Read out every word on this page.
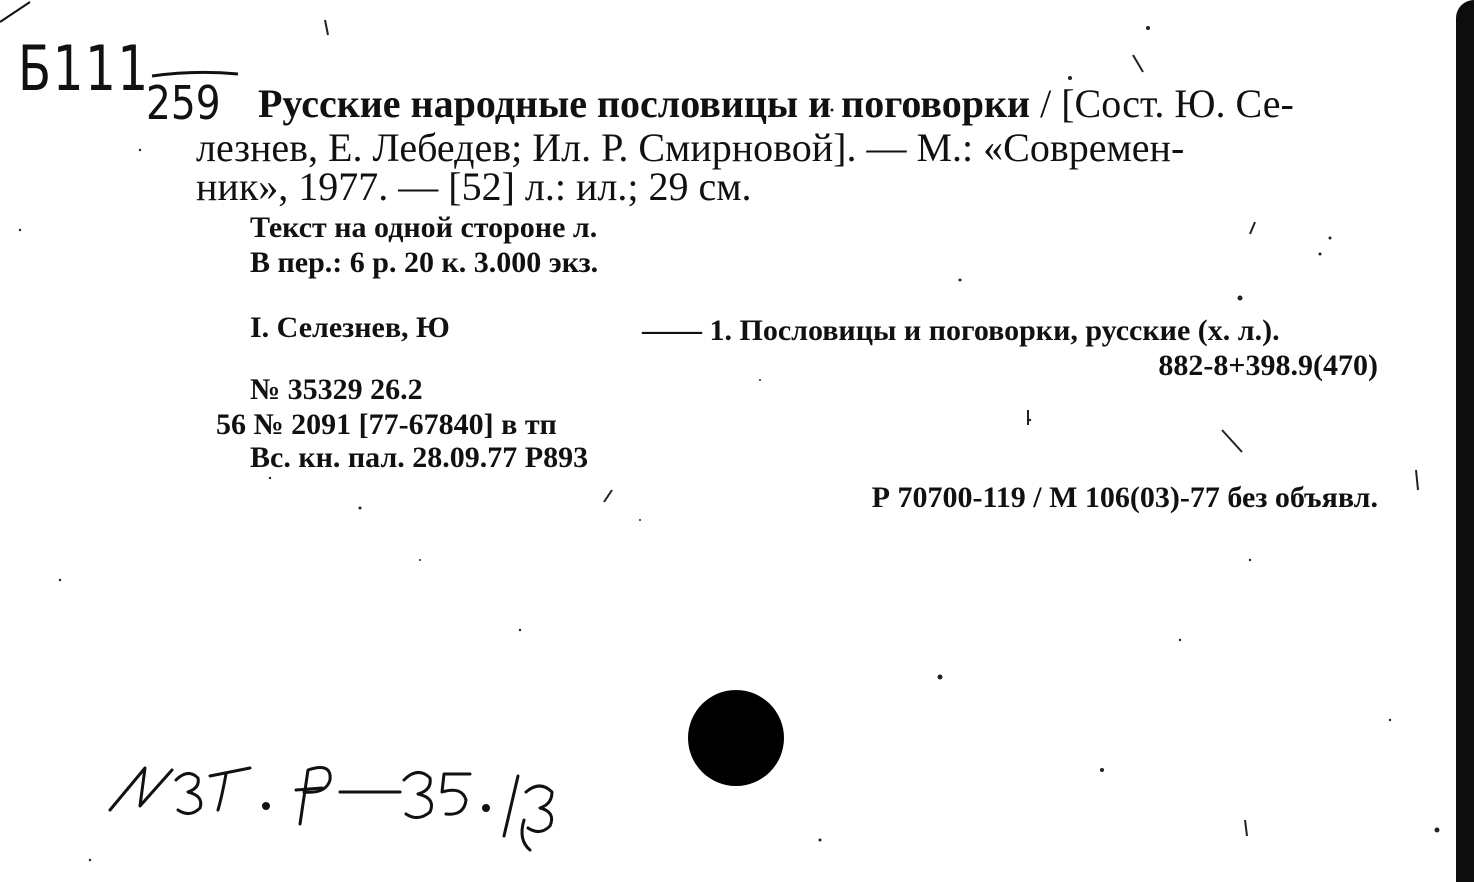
Б111
259 Русские народные пословицы и поговорки / [Сост. Ю. Се-
лезнев, Е. Лебедев; Ил. Р. Смирновой]. — М.: «Современ-
ник», 1977. — [52] л.: ил.; 29 см.
Текст на одной стороне л.
В пер.: 6 р. 20 к. 3.000 экз.
I. Селезнев, Ю	—— 1. Пословицы и поговорки, русские (х. л.).
882-8+398.9(470)
№ 35329 26.2
56 № 2091 [77-67840] в тп
Вс. кн. пал. 28.09.77 Р893
Р 70700-119 / М 106(03)-77 без объявл.
